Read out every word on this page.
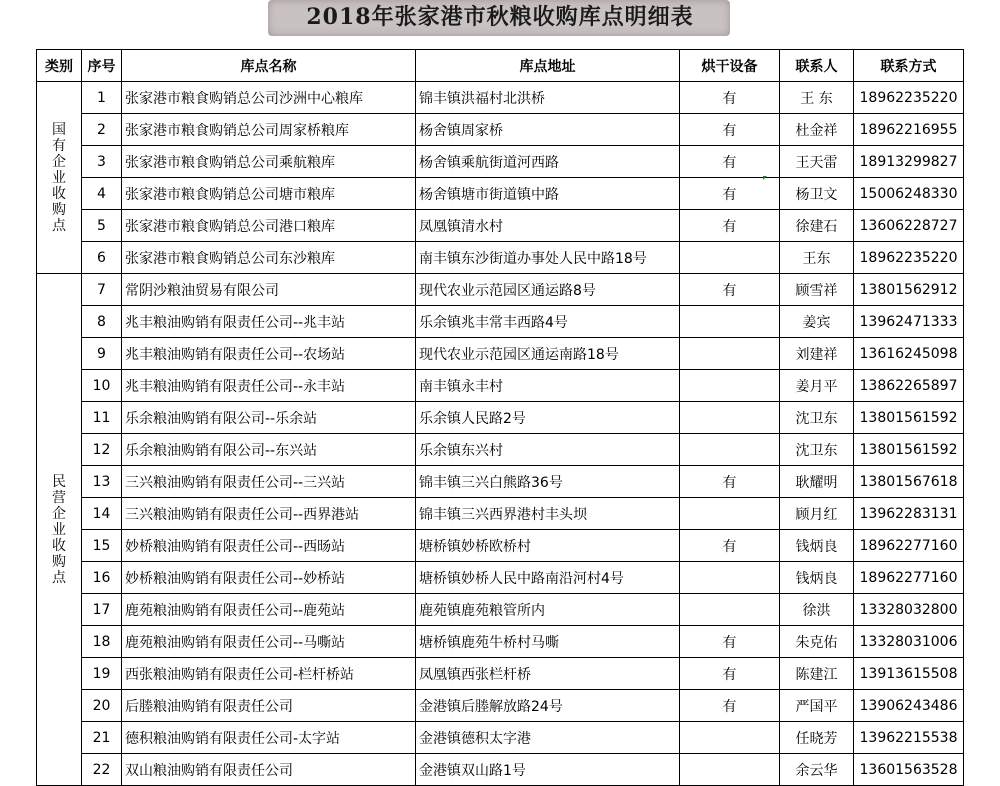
2018年张家港市秋粮收购库点明细表
类别	序号	库点名称	库点地址	烘干设备	联系人	联系方式
国有企业收购点	1	张家港市粮食购销总公司沙洲中心粮库	锦丰镇洪福村北洪桥	有	王 东	18962235220
	2	张家港市粮食购销总公司周家桥粮库	杨舍镇周家桥	有	杜金祥	18962216955
	3	张家港市粮食购销总公司乘航粮库	杨舍镇乘航街道河西路	有	王天雷	18913299827
	4	张家港市粮食购销总公司塘市粮库	杨舍镇塘市街道镇中路	有	杨卫文	15006248330
	5	张家港市粮食购销总公司港口粮库	凤凰镇清水村	有	徐建石	13606228727
	6	张家港市粮食购销总公司东沙粮库	南丰镇东沙街道办事处人民中路18号		王东	18962235220
民营企业收购点	7	常阴沙粮油贸易有限公司	现代农业示范园区通运路8号	有	顾雪祥	13801562912
	8	兆丰粮油购销有限责任公司--兆丰站	乐余镇兆丰常丰西路4号		姜宾	13962471333
	9	兆丰粮油购销有限责任公司--农场站	现代农业示范园区通运南路18号		刘建祥	13616245098
	10	兆丰粮油购销有限责任公司--永丰站	南丰镇永丰村		姜月平	13862265897
	11	乐余粮油购销有限公司--乐余站	乐余镇人民路2号		沈卫东	13801561592
	12	乐余粮油购销有限公司--东兴站	乐余镇东兴村		沈卫东	13801561592
	13	三兴粮油购销有限责任公司--三兴站	锦丰镇三兴白熊路36号	有	耿耀明	13801567618
	14	三兴粮油购销有限责任公司--西界港站	锦丰镇三兴西界港村丰头坝		顾月红	13962283131
	15	妙桥粮油购销有限责任公司--西旸站	塘桥镇妙桥欧桥村	有	钱炳良	18962277160
	16	妙桥粮油购销有限责任公司--妙桥站	塘桥镇妙桥人民中路南沿河村4号		钱炳良	18962277160
	17	鹿苑粮油购销有限责任公司--鹿苑站	鹿苑镇鹿苑粮管所内		徐洪	13328032800
	18	鹿苑粮油购销有限责任公司--马嘶站	塘桥镇鹿苑牛桥村马嘶	有	朱克佑	13328031006
	19	西张粮油购销有限责任公司-栏杆桥站	凤凰镇西张栏杆桥	有	陈建江	13913615508
	20	后塍粮油购销有限责任公司	金港镇后塍解放路24号	有	严国平	13906243486
	21	德积粮油购销有限责任公司-太字站	金港镇德积太字港		任晓芳	13962215538
	22	双山粮油购销有限责任公司	金港镇双山路1号		余云华	13601563528
